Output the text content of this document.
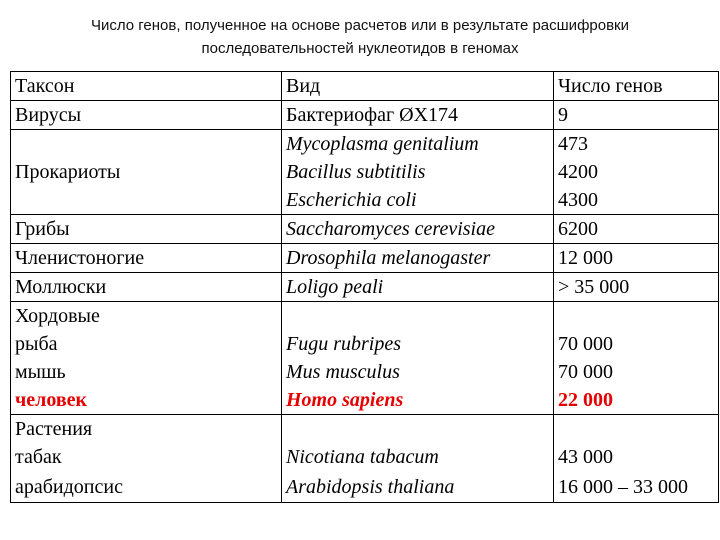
Число генов, полученное на основе расчетов или в результате расшифровки
последовательностей нуклеотидов в геномах
Таксон	Вид	Число генов
Вирусы	Бактериофаг ØX174	9
Прокариоты	Mycoplasma genitalium	473
	Bacillus subtitilis	4200
	Escherichia coli	4300
Грибы	Saccharomyces cerevisiae	6200
Членистоногие	Drosophila melanogaster	12 000
Моллюски	Loligo peali	> 35 000
Хордовые		
рыба	Fugu rubripes	70 000
мышь	Mus musculus	70 000
человек	Homo sapiens	22 000
Растения		
табак	Nicotiana tabacum	43 000
арабидопсис	Arabidopsis thaliana	16 000 – 33 000
